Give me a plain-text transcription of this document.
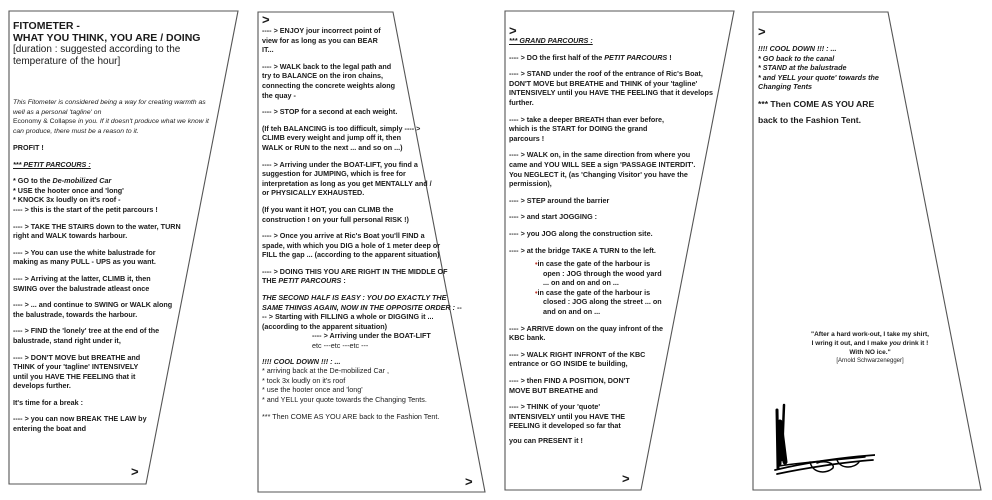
FITOMETER -
WHAT YOU THINK, YOU ARE / DOING

[duration : suggested according to the temperature of the hour]

This Fitometer is considered being a way for creating warmth as well as a personal 'tagline' on
Economy & Collapse in you. If it doesn't produce what we know it can produce, there must be a reason to it.

PROFIT !

*** PETIT PARCOURS :

* GO to the De-mobilized Car
* USE the hooter once and 'long'
* KNOCK 3x loudly on it's roof -
---- > this is the start of the petit parcours !

---- > TAKE THE STAIRS down to the water, TURN right and WALK towards harbour.

---- > You can use the white balustrade for making as many PULL - UPS as you want.

---- > Arriving at the latter, CLIMB it, then SWING over the balustrade atleast once

---- > ... and continue to SWING or WALK along the balustrade, towards the harbour.

---- > FIND the 'lonely' tree at the end of the balustrade, stand right under it,

---- > DON'T MOVE but BREATHE and THINK of your 'tagline' INTENSIVELY until you HAVE THE FEELING that it develops further.

It's time for a break :

---- > you can now BREAK THE LAW by entering the boat and

>
>

---- > ENJOY jour incorrect point of view for as long as you can BEAR IT...

---- > WALK back to the legal path and try to BALANCE on the iron chains, connecting the concrete weights along the quay -

---- > STOP for a second at each weight.

(If teh BALANCING is too difficult, simply ---- > CLIMB every weight and jump off it, then WALK or RUN to the next ... and so on ...)

---- > Arriving under the BOAT-LIFT, you find a suggestion for JUMPING, which is free for interpretation as long as you get MENTALLY and / or PHYSICALLY EXHAUSTED.

(If you want it HOT, you can CLIMB the construction ! on your full personal RISK !)

---- > Once you arrive at Ric's Boat you'll FIND a spade, with which you DIG a hole of 1 meter deep or FILL the gap ... (according to the apparent situation)

---- > DOING THIS YOU ARE RIGHT IN THE MIDDLE OF THE PETIT PARCOURS :

THE SECOND HALF IS EASY : YOU DO EXACTLY THE SAME THINGS AGAIN, NOW IN THE OPPOSITE ORDER : ---- > Starting with FILLING a whole or DIGGING it ... (according to the apparent situation)
---- > Arriving under the BOAT-LIFT
etc ---etc ---etc ---

!!!! COOL DOWN !!! : ...
* arriving back at the De-mobilized Car ,
* tock 3x loudly on it's roof
* use the hooter once and 'long'
* and YELL your quote towards the Changing Tents.

*** Then COME AS YOU ARE back to the Fashion Tent.

>
>

*** GRAND PARCOURS :

---- > DO the first half of the PETIT PARCOURS !

---- > STAND under the roof of the entrance of Ric's Boat, DON'T MOVE but BREATHE and THINK of your 'tagline' INTENSIVELY until you HAVE THE FEELING that it develops further.

---- > take a deeper BREATH than ever before, which is the START for DOING the grand parcours !

---- > WALK on, in the same direction from where you came and YOU WILL SEE a sign 'PASSAGE INTERDIT'. You NEGLECT it, (as 'Changing Visitor' you have the permission),

---- > STEP around the barrier

---- > and start JOGGING :

---- > you JOG along the construction site.

---- > at the bridge TAKE A TURN to the left.

• in case the gate of the harbour is open : JOG through the wood yard ... on and on and on ...
• in case the gate of the harbour is closed : JOG along the street ... on and on and on ...

---- > ARRIVE down on the quay infront of the KBC bank.

---- > WALK RIGHT INFRONT of the KBC entrance or GO INSIDE te building,

---- > then FIND A POSITION, DON'T MOVE BUT BREATHE and

---- > THINK of your 'quote' INTENSIVELY until you HAVE THE FEELING it developed so far that

you can PRESENT it !

>
>

!!!! COOL DOWN !!! : ...
* GO back to the canal
* STAND at the balustrade
* and YELL your quote' towards the Changing Tents

*** Then COME AS YOU ARE
back to the Fashion Tent.
"After a hard work-out, I take my shirt,
I wring it out, and I make you drink it !
With NO ice."
[Arnold Schwarzenegger]
